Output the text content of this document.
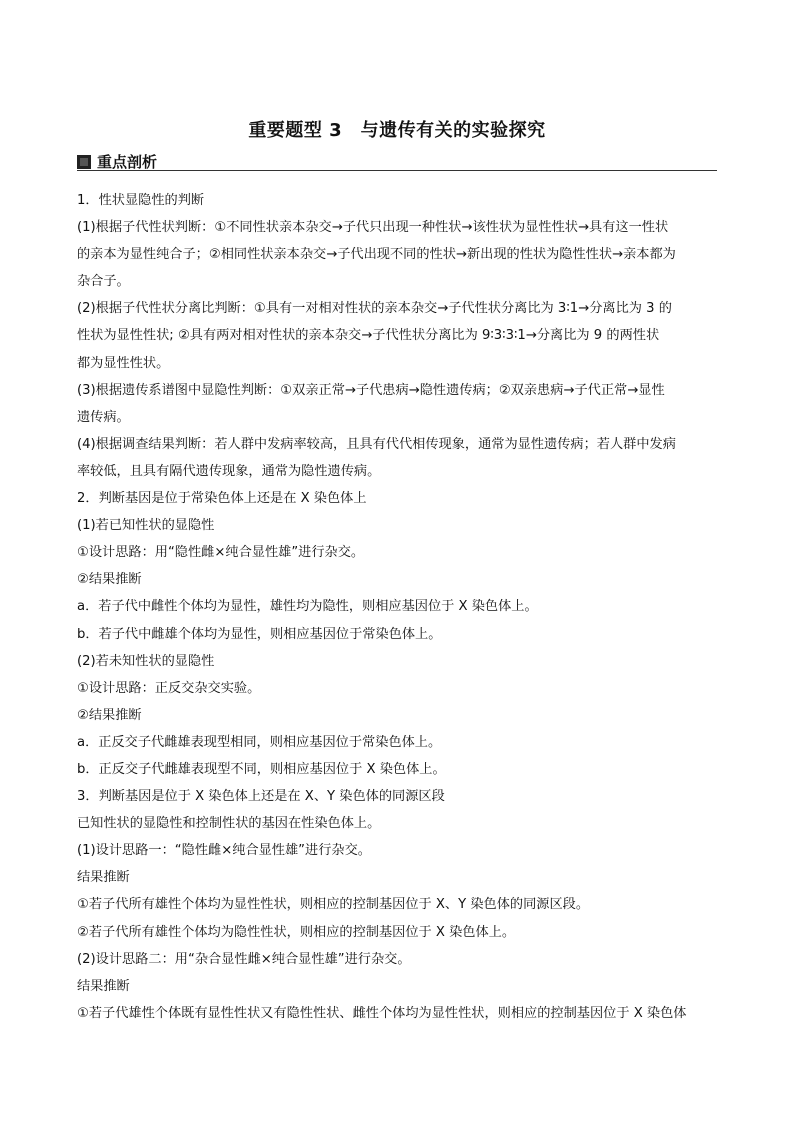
重要题型 3　与遗传有关的实验探究
重点剖析
1．性状显隐性的判断
(1)根据子代性状判断：①不同性状亲本杂交→子代只出现一种性状→该性状为显性性状→具有这一性状
的亲本为显性纯合子；②相同性状亲本杂交→子代出现不同的性状→新出现的性状为隐性性状→亲本都为
杂合子。
(2)根据子代性状分离比判断：①具有一对相对性状的亲本杂交→子代性状分离比为 3∶1→分离比为 3 的
性状为显性性状; ②具有两对相对性状的亲本杂交→子代性状分离比为 9∶3∶3∶1→分离比为 9 的两性状
都为显性性状。
(3)根据遗传系谱图中显隐性判断：①双亲正常→子代患病→隐性遗传病；②双亲患病→子代正常→显性
遗传病。
(4)根据调查结果判断：若人群中发病率较高，且具有代代相传现象，通常为显性遗传病；若人群中发病
率较低，且具有隔代遗传现象，通常为隐性遗传病。
2．判断基因是位于常染色体上还是在 X 染色体上
(1)若已知性状的显隐性
①设计思路：用“隐性雌×纯合显性雄”进行杂交。
②结果推断
a．若子代中雌性个体均为显性，雄性均为隐性，则相应基因位于 X 染色体上。
b．若子代中雌雄个体均为显性，则相应基因位于常染色体上。
(2)若未知性状的显隐性
①设计思路：正反交杂交实验。
②结果推断
a．正反交子代雌雄表现型相同，则相应基因位于常染色体上。
b．正反交子代雌雄表现型不同，则相应基因位于 X 染色体上。
3．判断基因是位于 X 染色体上还是在 X、Y 染色体的同源区段
已知性状的显隐性和控制性状的基因在性染色体上。
(1)设计思路一：“隐性雌×纯合显性雄”进行杂交。
结果推断
①若子代所有雄性个体均为显性性状，则相应的控制基因位于 X、Y 染色体的同源区段。
②若子代所有雄性个体均为隐性性状，则相应的控制基因位于 X 染色体上。
(2)设计思路二：用“杂合显性雌×纯合显性雄”进行杂交。
结果推断
①若子代雄性个体既有显性性状又有隐性性状、雌性个体均为显性性状，则相应的控制基因位于 X 染色体
